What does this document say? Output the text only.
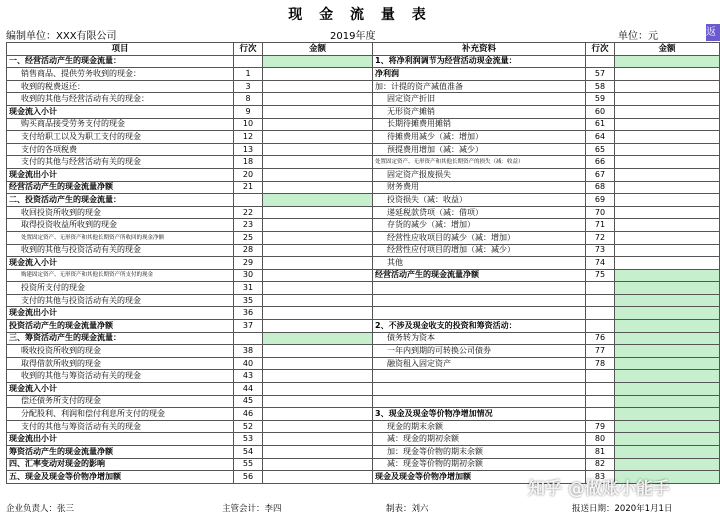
现 金 流 量 表
编制单位：XXX有限公司	2019年度	单位：元	返
项目	行次	金额	补充资料	行次	金额
一、经营活动产生的现金流量：			1、将净利润调节为经营活动现金流量：		
销售商品、提供劳务收到的现金：	1		净利润	57	
收到的税费返还：	3		加：计提的资产减值准备	58	
收到的其他与经营活动有关的现金：	8		固定资产折旧	59	
现金流入小计	9		无形资产摊销	60	
购买商品接受劳务支付的现金	10		长期待摊费用摊销	61	
支付给职工以及为职工支付的现金	12		待摊费用减少（减：增加）	64	
支付的各项税费	13		预提费用增加（减：减少）	65	
支付的其他与经营活动有关的现金	18		处置固定资产、无形资产和其他长期资产的损失（减：收益）	66	
现金流出小计	20		固定资产报废损失	67	
经营活动产生的现金流量净额	21		财务费用	68	
二、投资活动产生的现金流量：			投资损失（减：收益）	69	
收回投资所收到的现金	22		递延税款贷项（减：借项）	70	
取得投资收益所收到的现金	23		存货的减少（减：增加）	71	
处置固定资产、无形资产和其他长期资产所收回的现金净额	25		经营性应收项目的减少（减：增加）	72	
收到的其他与投资活动有关的现金	28		经营性应付项目的增加（减：减少）	73	
现金流入小计	29		其他	74	
购建固定资产、无形资产和其他长期资产所支付的现金	30		经营活动产生的现金流量净额	75	
投资所支付的现金	31				
支付的其他与投资活动有关的现金	35				
现金流出小计	36				
投资活动产生的现金流量净额	37		2、不涉及现金收支的投资和筹资活动：		
三、筹资活动产生的现金流量：			债务转为资本	76	
吸收投资所收到的现金	38		一年内到期的可转换公司债券	77	
取得借款所收到的现金	40		融资租入固定资产	78	
收到的其他与筹资活动有关的现金	43				
现金流入小计	44				
偿还债务所支付的现金	45				
分配股利、利润和偿付利息所支付的现金	46		3、现金及现金等价物净增加情况		
支付的其他与筹资活动有关的现金	52		现金的期末余额	79	
现金流出小计	53		减：现金的期初余额	80	
筹资活动产生的现金流量净额	54		加：现金等价物的期末余额	81	
四、汇率变动对现金的影响	55		减：现金等价物的期初余额	82	
五、现金及现金等价物净增加额	56		现金及现金等价物净增加额	83	
企业负责人：张三	主管会计：李四	制表：刘六	报送日期：2020年1月1日
知乎 @做账小能手
